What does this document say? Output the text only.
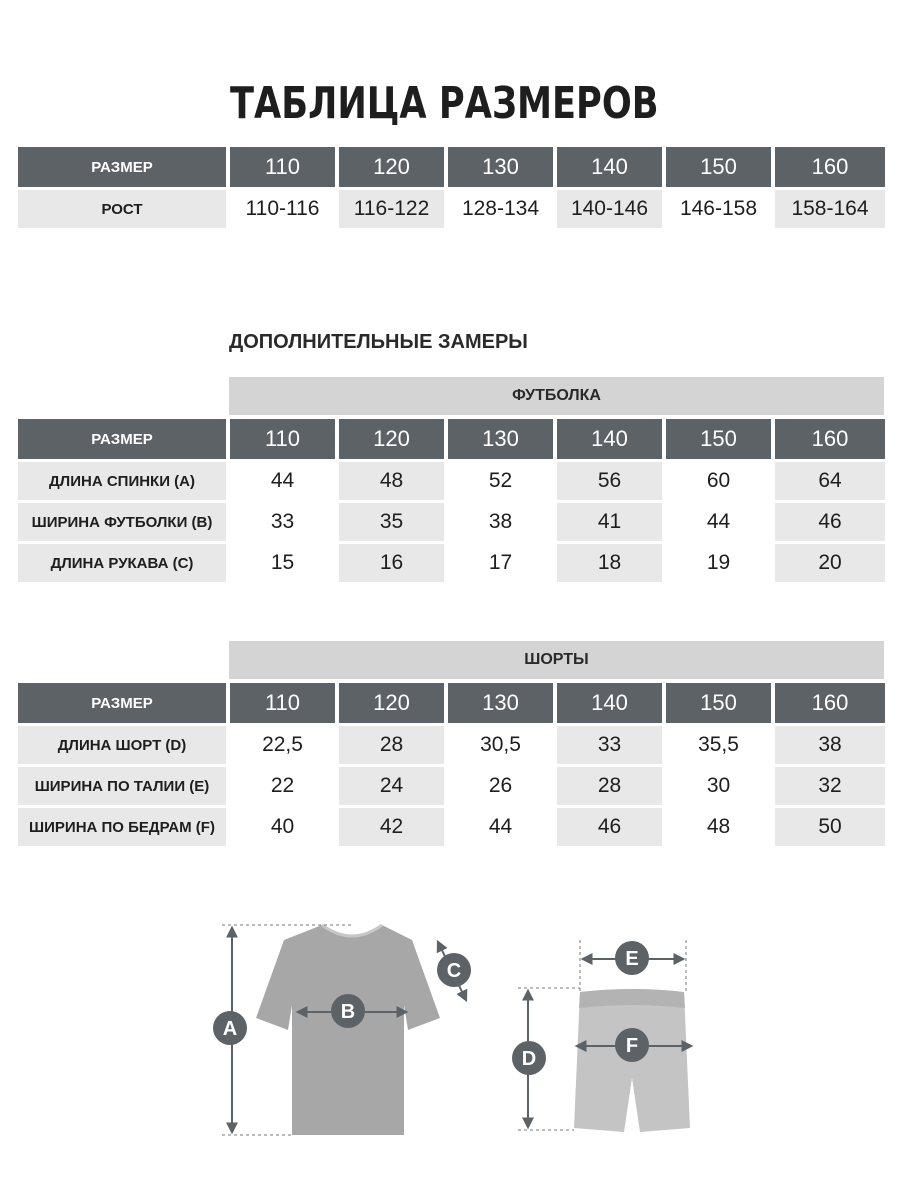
ТАБЛИЦА РАЗМЕРОВ
РАЗМЕР	110	120	130	140	150	160
РОСТ	110-116	116-122	128-134	140-146	146-158	158-164
ДОПОЛНИТЕЛЬНЫЕ ЗАМЕРЫ
ФУТБОЛКА
РАЗМЕР	110	120	130	140	150	160
ДЛИНА СПИНКИ (A)	44	48	52	56	60	64
ШИРИНА ФУТБОЛКИ (B)	33	35	38	41	44	46
ДЛИНА РУКАВА (C)	15	16	17	18	19	20
ШОРТЫ
РАЗМЕР	110	120	130	140	150	160
ДЛИНА ШОРТ (D)	22,5	28	30,5	33	35,5	38
ШИРИНА ПО ТАЛИИ (E)	22	24	26	28	30	32
ШИРИНА ПО БЕДРАМ (F)	40	42	44	46	48	50
A
B
C
E
F
D
